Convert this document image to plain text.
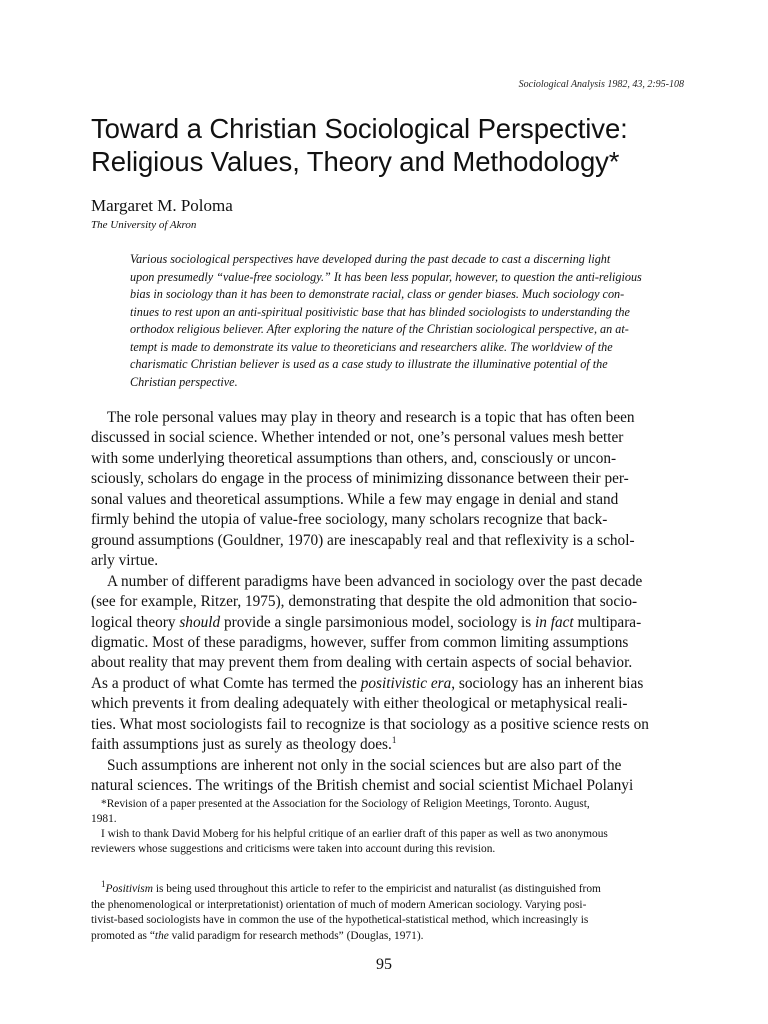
Sociological Analysis 1982, 43, 2:95-108
Toward a Christian Sociological Perspective:
Religious Values, Theory and Methodology*
Margaret M. Poloma
The University of Akron
Various sociological perspectives have developed during the past decade to cast a discerning light
upon presumedly “value-free sociology.” It has been less popular, however, to question the anti-religious
bias in sociology than it has been to demonstrate racial, class or gender biases. Much sociology con-
tinues to rest upon an anti-spiritual positivistic base that has blinded sociologists to understanding the
orthodox religious believer. After exploring the nature of the Christian sociological perspective, an at-
tempt is made to demonstrate its value to theoreticians and researchers alike. The worldview of the
charismatic Christian believer is used as a case study to illustrate the illuminative potential of the
Christian perspective.
The role personal values may play in theory and research is a topic that has often been
discussed in social science. Whether intended or not, one’s personal values mesh better
with some underlying theoretical assumptions than others, and, consciously or uncon-
sciously, scholars do engage in the process of minimizing dissonance between their per-
sonal values and theoretical assumptions. While a few may engage in denial and stand
firmly behind the utopia of value-free sociology, many scholars recognize that back-
ground assumptions (Gouldner, 1970) are inescapably real and that reflexivity is a schol-
arly virtue.
A number of different paradigms have been advanced in sociology over the past decade
(see for example, Ritzer, 1975), demonstrating that despite the old admonition that socio-
logical theory should provide a single parsimonious model, sociology is in fact multipara-
digmatic. Most of these paradigms, however, suffer from common limiting assumptions
about reality that may prevent them from dealing with certain aspects of social behavior.
As a product of what Comte has termed the positivistic era, sociology has an inherent bias
which prevents it from dealing adequately with either theological or metaphysical reali-
ties. What most sociologists fail to recognize is that sociology as a positive science rests on
faith assumptions just as surely as theology does.$^1$
Such assumptions are inherent not only in the social sciences but are also part of the
natural sciences. The writings of the British chemist and social scientist Michael Polanyi
*Revision of a paper presented at the Association for the Sociology of Religion Meetings, Toronto. August,
1981.
I wish to thank David Moberg for his helpful critique of an earlier draft of this paper as well as two anonymous
reviewers whose suggestions and criticisms were taken into account during this revision.
$^1$Positivism is being used throughout this article to refer to the empiricist and naturalist (as distinguished from
the phenomenological or interpretationist) orientation of much of modern American sociology. Varying posi-
tivist-based sociologists have in common the use of the hypothetical-statistical method, which increasingly is
promoted as “the valid paradigm for research methods” (Douglas, 1971).
95
